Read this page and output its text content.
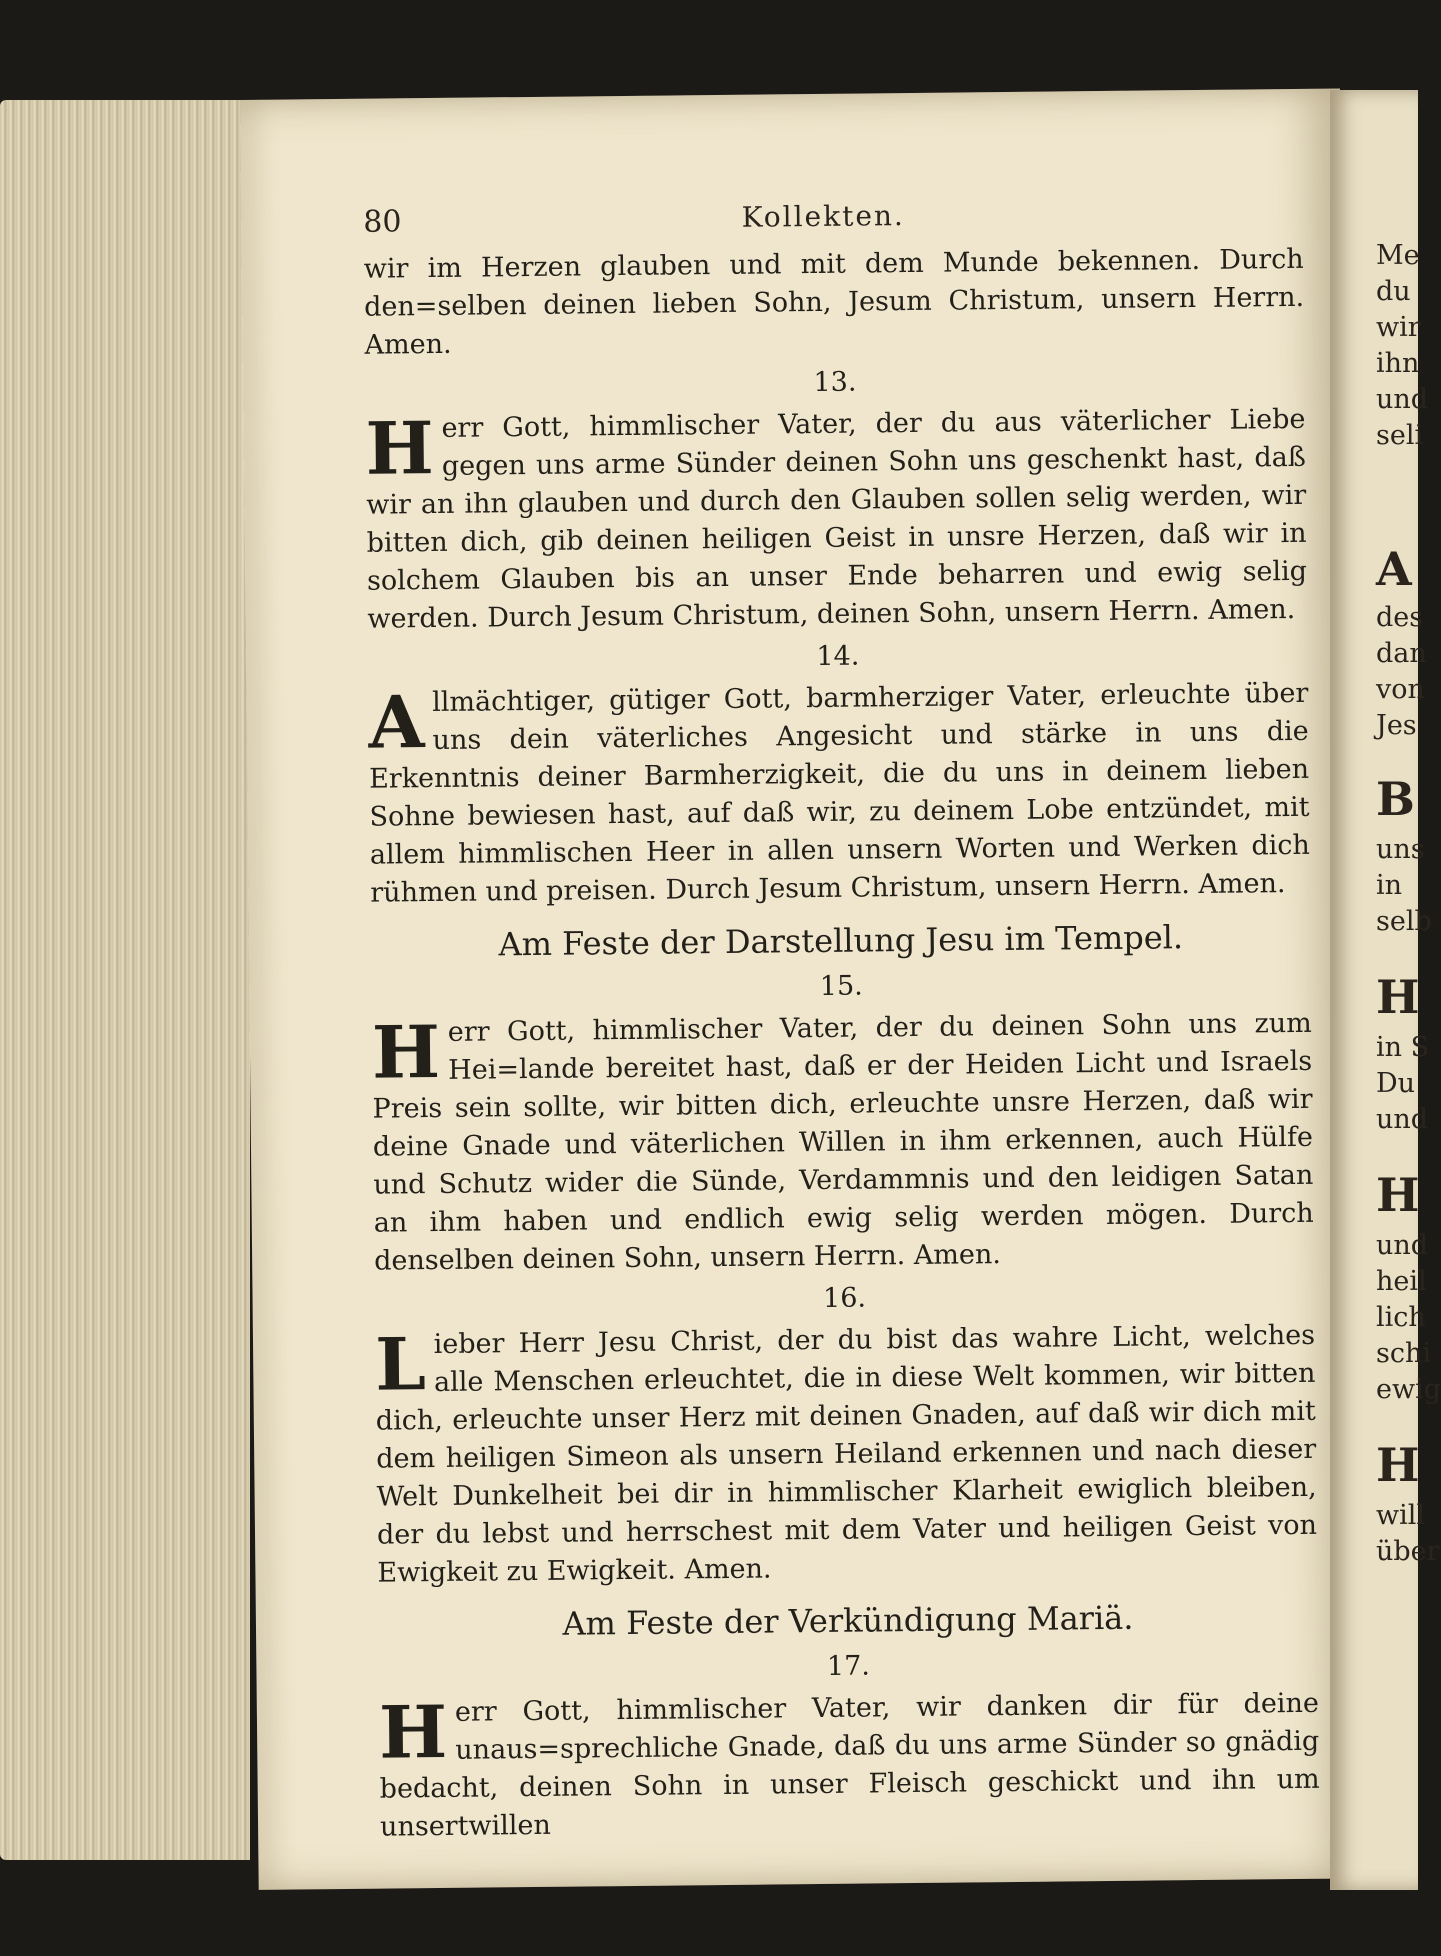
80	Kollekten.
wir im Herzen glauben und mit dem Munde bekennen. Durch den=selben deinen lieben Sohn, Jesum Christum, unsern Herrn. Amen.
13.
Herr Gott, himmlischer Vater, der du aus väterlicher Liebe gegen uns arme Sünder deinen Sohn uns geschenkt hast, daß wir an ihn glauben und durch den Glauben sollen selig werden, wir bitten dich, gib deinen heiligen Geist in unsre Herzen, daß wir in solchem Glauben bis an unser Ende beharren und ewig selig werden. Durch Jesum Christum, deinen Sohn, unsern Herrn. Amen.
14.
Allmächtiger, gütiger Gott, barmherziger Vater, erleuchte über uns dein väterliches Angesicht und stärke in uns die Erkenntnis deiner Barmherzigkeit, die du uns in deinem lieben Sohne bewiesen hast, auf daß wir, zu deinem Lobe entzündet, mit allem himmlischen Heer in allen unsern Worten und Werken dich rühmen und preisen. Durch Jesum Christum, unsern Herrn. Amen.
Am Feste der Darstellung Jesu im Tempel.
15.
Herr Gott, himmlischer Vater, der du deinen Sohn uns zum Hei=lande bereitet hast, daß er der Heiden Licht und Israels Preis sein sollte, wir bitten dich, erleuchte unsre Herzen, daß wir deine Gnade und väterlichen Willen in ihm erkennen, auch Hülfe und Schutz wider die Sünde, Verdammnis und den leidigen Satan an ihm haben und endlich ewig selig werden mögen. Durch denselben deinen Sohn, unsern Herrn. Amen.
16.
Lieber Herr Jesu Christ, der du bist das wahre Licht, welches alle Menschen erleuchtet, die in diese Welt kommen, wir bitten dich, erleuchte unser Herz mit deinen Gnaden, auf daß wir dich mit dem heiligen Simeon als unsern Heiland erkennen und nach dieser Welt Dunkelheit bei dir in himmlischer Klarheit ewiglich bleiben, der du lebst und herrschest mit dem Vater und heiligen Geist von Ewigkeit zu Ewigkeit. Amen.
Am Feste der Verkündigung Mariä.
17.
Herr Gott, himmlischer Vater, wir danken dir für deine unaus=sprechliche Gnade, daß du uns arme Sünder so gnädig bedacht, deinen Sohn in unser Fleisch geschickt und ihn um unsertwillen
Me
du
wir
ihn
und
seli
A
des
dan
von
Jes
B
uns
in
selb
H
in S
Du
und
H
und
heil
lich
schi
ewig
H
will
über
